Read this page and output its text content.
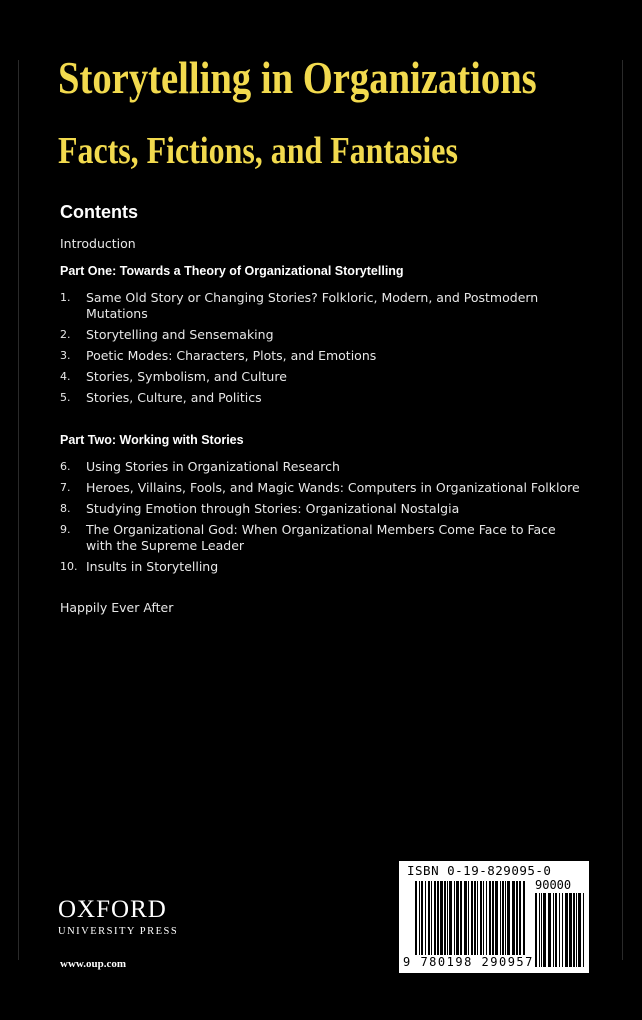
Storytelling in Organizations
Facts, Fictions, and Fantasies
Contents
Introduction
Part One: Towards a Theory of Organizational Storytelling
1.	Same Old Story or Changing Stories? Folkloric, Modern, and Postmodern Mutations
2.	Storytelling and Sensemaking
3.	Poetic Modes: Characters, Plots, and Emotions
4.	Stories, Symbolism, and Culture
5.	Stories, Culture, and Politics
Part Two: Working with Stories
6.	Using Stories in Organizational Research
7.	Heroes, Villains, Fools, and Magic Wands: Computers in Organizational Folklore
8.	Studying Emotion through Stories: Organizational Nostalgia
9.	The Organizational God: When Organizational Members Come Face to Face with the Supreme Leader
10. Insults in Storytelling
Happily Ever After
OXFORD
UNIVERSITY PRESS
www.oup.com
ISBN 0-19-829095-0
90000
9 780198 290957
